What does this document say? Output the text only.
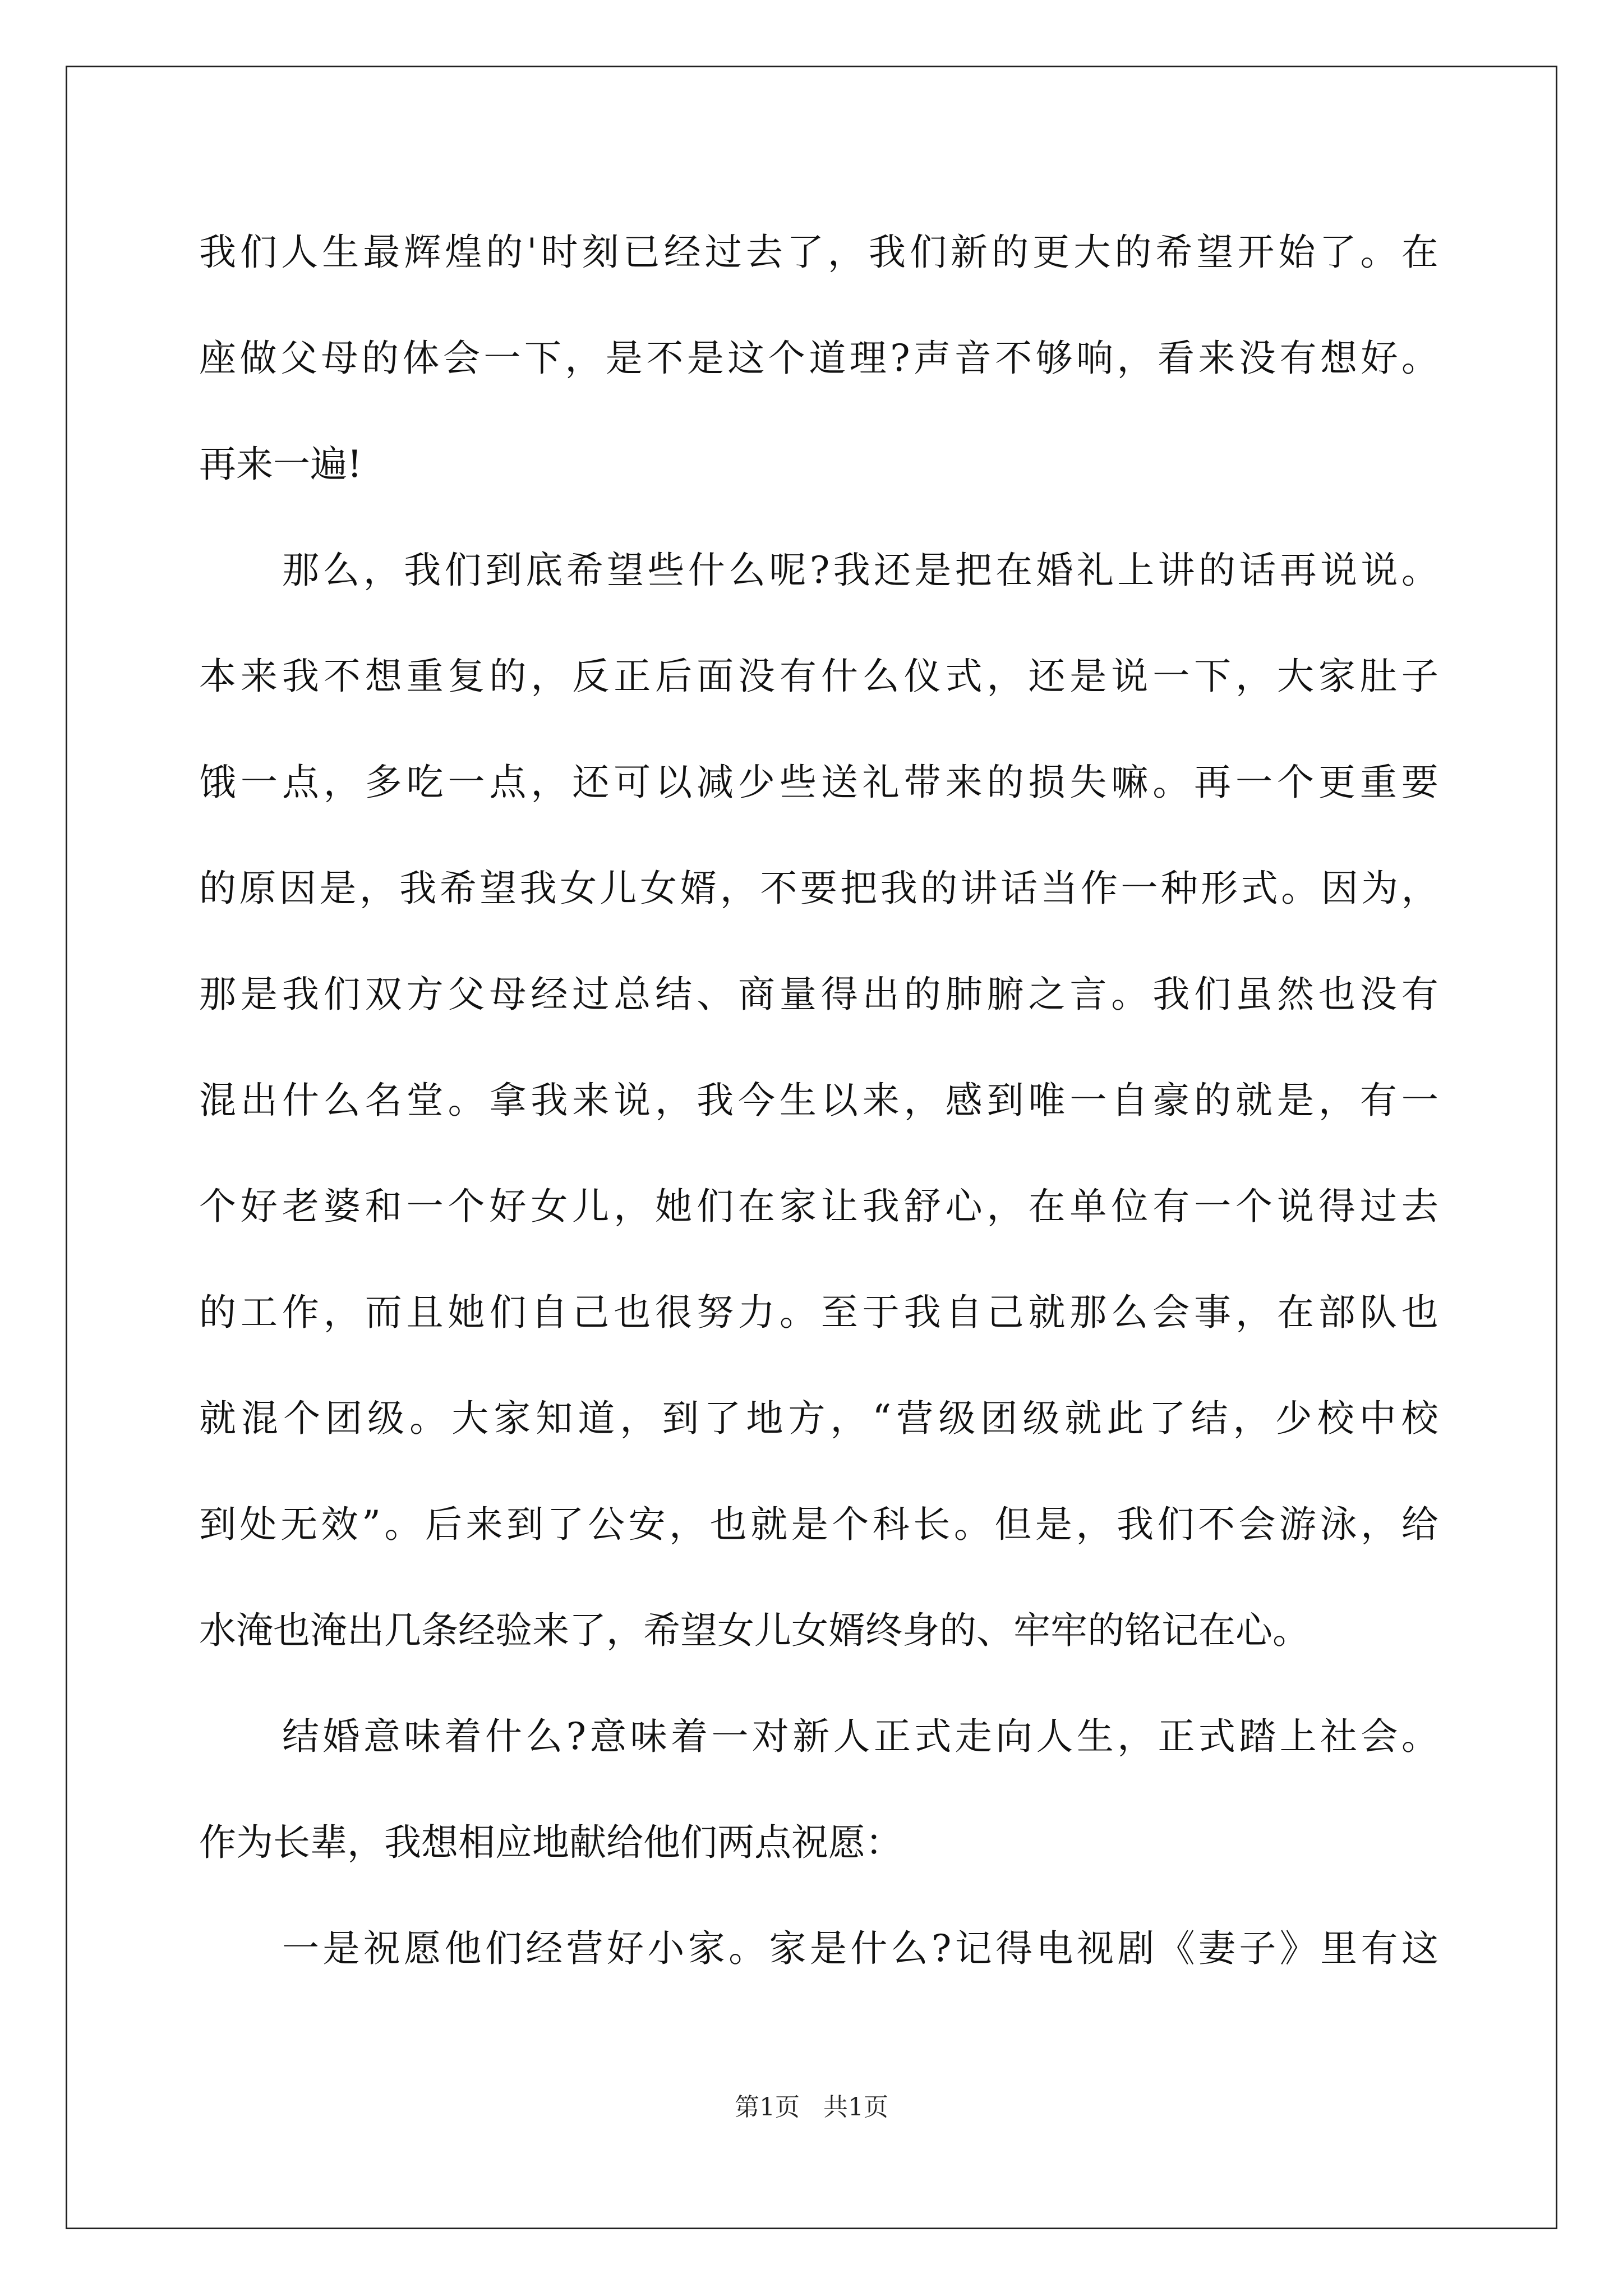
我 们 人 生 最 辉 煌 的 ' 时 刻 已 经 过 去 了 ， 我 们 新 的 更 大 的 希 望 开 始 了 。 在
座 做 父 母 的 体 会 一 下 ， 是 不 是 这 个 道 理 ? 声 音 不 够 响 ， 看 来 没 有 想 好 。
再来一遍!
那 么 ， 我 们 到 底 希 望 些 什 么 呢 ? 我 还 是 把 在 婚 礼 上 讲 的 话 再 说 说 。
本 来 我 不 想 重 复 的 ， 反 正 后 面 没 有 什 么 仪 式 ， 还 是 说 一 下 ， 大 家 肚 子
饿 一 点 ， 多 吃 一 点 ， 还 可 以 减 少 些 送 礼 带 来 的 损 失 嘛 。 再 一 个 更 重 要
的 原 因 是 ， 我 希 望 我 女 儿 女 婿 ， 不 要 把 我 的 讲 话 当 作 一 种 形 式 。 因 为 ，
那 是 我 们 双 方 父 母 经 过 总 结 、 商 量 得 出 的 肺 腑 之 言 。 我 们 虽 然 也 没 有
混 出 什 么 名 堂 。 拿 我 来 说 ， 我 今 生 以 来 ， 感 到 唯 一 自 豪 的 就 是 ， 有 一
个 好 老 婆 和 一 个 好 女 儿 ， 她 们 在 家 让 我 舒 心 ， 在 单 位 有 一 个 说 得 过 去
的 工 作 ， 而 且 她 们 自 己 也 很 努 力 。 至 于 我 自 己 就 那 么 会 事 ， 在 部 队 也
就 混 个 团 级 。 大 家 知 道 ， 到 了 地 方 ， “ 营 级 团 级 就 此 了 结 ， 少 校 中 校
到 处 无 效 ” 。 后 来 到 了 公 安 ， 也 就 是 个 科 长 。 但 是 ， 我 们 不 会 游 泳 ， 给
水淹也淹出几条经验来了，希望女儿女婿终身的、牢牢的铭记在心。
结 婚 意 味 着 什 么 ? 意 味 着 一 对 新 人 正 式 走 向 人 生 ， 正 式 踏 上 社 会 。
作为长辈，我想相应地献给他们两点祝愿：
一 是 祝 愿 他 们 经 营 好 小 家 。 家 是 什 么 ? 记 得 电 视 剧 《 妻 子 》 里 有 这
第1页 共1页
